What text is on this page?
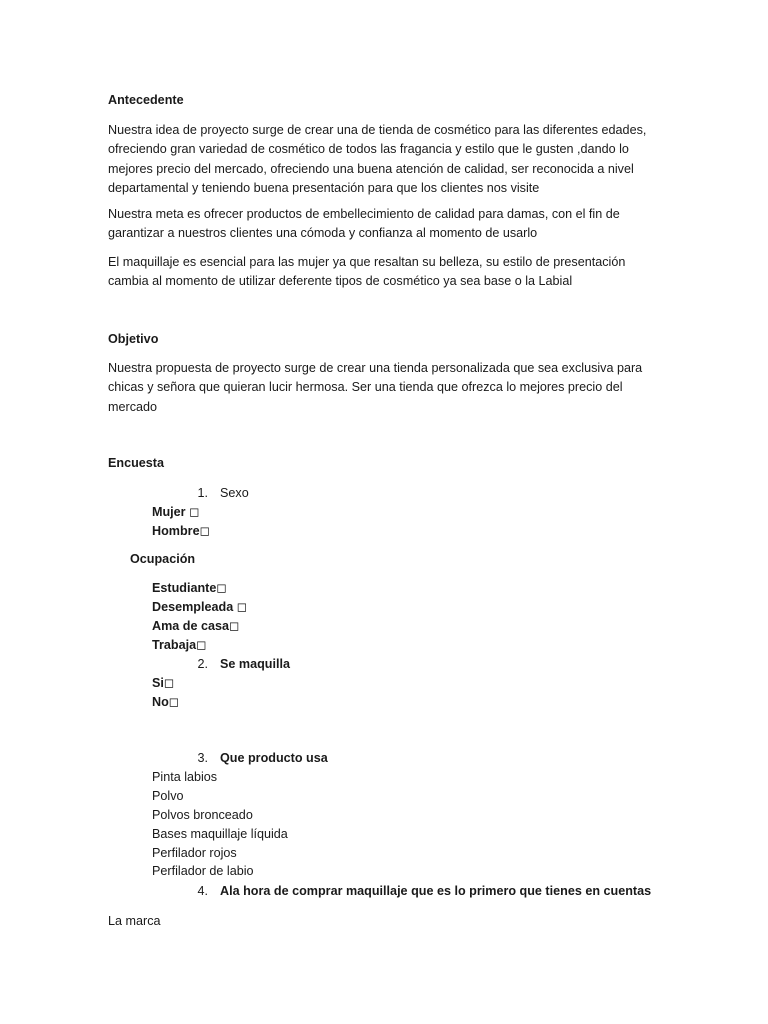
Antecedente
Nuestra idea de proyecto surge de crear una de tienda de cosmético para las diferentes edades,
ofreciendo gran variedad de cosmético de todos las fragancia y estilo que le gusten ,dando lo
mejores precio del mercado, ofreciendo una buena atención de calidad, ser reconocida a nivel
departamental y teniendo buena presentación para que los clientes nos visite
Nuestra meta es ofrecer productos de embellecimiento de calidad para damas, con el fin de
garantizar a nuestros clientes una cómoda y confianza al momento de usarlo
El maquillaje es esencial para las mujer ya que resaltan su belleza, su estilo de presentación
cambia al momento de utilizar deferente tipos de cosmético ya sea base o la Labial
Objetivo
Nuestra propuesta de proyecto surge de crear una tienda personalizada que sea exclusiva para
chicas y señora que quieran lucir hermosa. Ser una tienda que ofrezca lo mejores precio del
mercado
Encuesta
1. Sexo
Mujer ◻
Hombre◻
Ocupación
Estudiante◻
Desempleada ◻
Ama de casa◻
Trabaja◻
2. Se maquilla
Si◻
No◻
3. Que producto usa
Pinta labios
Polvo
Polvos bronceado
Bases maquillaje líquida
Perfilador rojos
Perfilador de labio
4. Ala hora de comprar maquillaje que es lo primero que tienes en cuentas
La marca
